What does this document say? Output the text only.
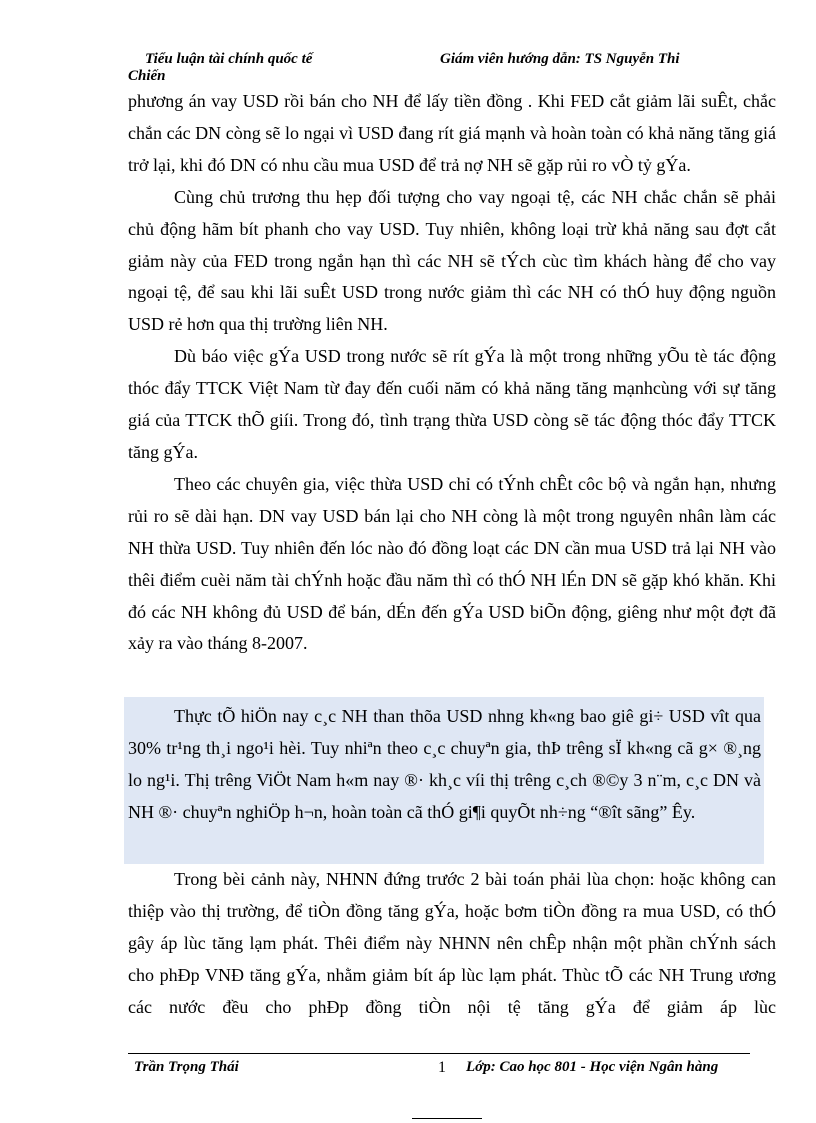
Tiểu luận tài chính quốc tế	Giám viên hướng dẫn: TS Nguyễn Thi
Chiến

phương án vay USD rồi bán cho NH để lấy tiền đồng . Khi FED cắt giảm lãi suÊt, chắc chắn các DN còng sẽ lo ngại vì USD đang rít giá mạnh và hoàn toàn có khả năng tăng giá trở lại, khi đó DN có nhu cầu mua USD để trả nợ NH sẽ gặp rủi ro vÒ tỷ gÝa.

Cùng chủ trương thu hẹp đối tượng cho vay ngoại tệ, các NH chắc chắn sẽ phải chủ động hãm bít phanh cho vay USD. Tuy nhiên, không loại trừ khả năng sau đợt cắt giảm này của FED trong ngắn hạn thì các NH sẽ tÝch cùc tìm khách hàng để cho vay ngoại tệ, để sau khi lãi suÊt USD trong nước giảm thì các NH có thÓ huy động nguồn USD rẻ hơn qua thị trường liên NH.

Dù báo việc gÝa USD trong nước sẽ rít gÝa là một trong những yÕu tè tác động thóc đẩy TTCK Việt Nam từ đay đến cuối năm có khả năng tăng mạnhcùng với sự tăng giá của TTCK thÕ giíi. Trong đó, tình trạng thừa USD còng sẽ tác động thóc đẩy TTCK tăng gÝa.

Theo các chuyên gia, việc thừa USD chỉ có tÝnh chÊt côc bộ và ngắn hạn, nhưng rủi ro sẽ dài hạn. DN vay USD bán lại cho NH còng là một trong nguyên nhân làm các NH thừa USD. Tuy nhiên đến lóc nào đó đồng loạt các DN cần mua USD trả lại NH vào thêi điểm cuèi năm tài chÝnh hoặc đầu năm thì có thÓ NH lÉn DN sẽ gặp khó khăn. Khi đó các NH không đủ USD để bán, dÉn đến gÝa USD biÕn động, giêng như một đợt đã xảy ra vào tháng 8-2007.

Thực tÕ hiÖn nay c¸c NH than thõa USD nhng kh«ng bao giê gi÷ USD vît qua 30% tr¹ng th¸i ngo¹i hèi. Tuy nhiªn theo c¸c chuyªn gia, thÞ trêng sÏ kh«ng cã g× ®¸ng lo ng¹i. Thị trêng ViÖt Nam h«m nay ®· kh¸c víi thị trêng c¸ch ®©y 3 n¨m, c¸c DN và NH ®· chuyªn nghiÖp h¬n, hoàn toàn cã thÓ gi¶i quyÕt nh÷ng “®ît sãng” Êy.

Trong bèi cảnh này, NHNN đứng trước 2 bài toán phải lùa chọn: hoặc không can thiệp vào thị trường, để tiÒn đồng tăng gÝa, hoặc bơm tiÒn đồng ra mua USD, có thÓ gây áp lùc tăng lạm phát. Thêi điểm này NHNN nên chÊp nhận một phần chÝnh sách cho phÐp VNĐ tăng gÝa, nhằm giảm bít áp lùc lạm phát. Thùc tÕ các NH Trung ương các nước đều cho phÐp đồng tiÒn nội tệ tăng gÝa để giảm áp lùc

Trần Trọng Thái	1 Lớp: Cao học 801 - Học viện Ngân hàng
